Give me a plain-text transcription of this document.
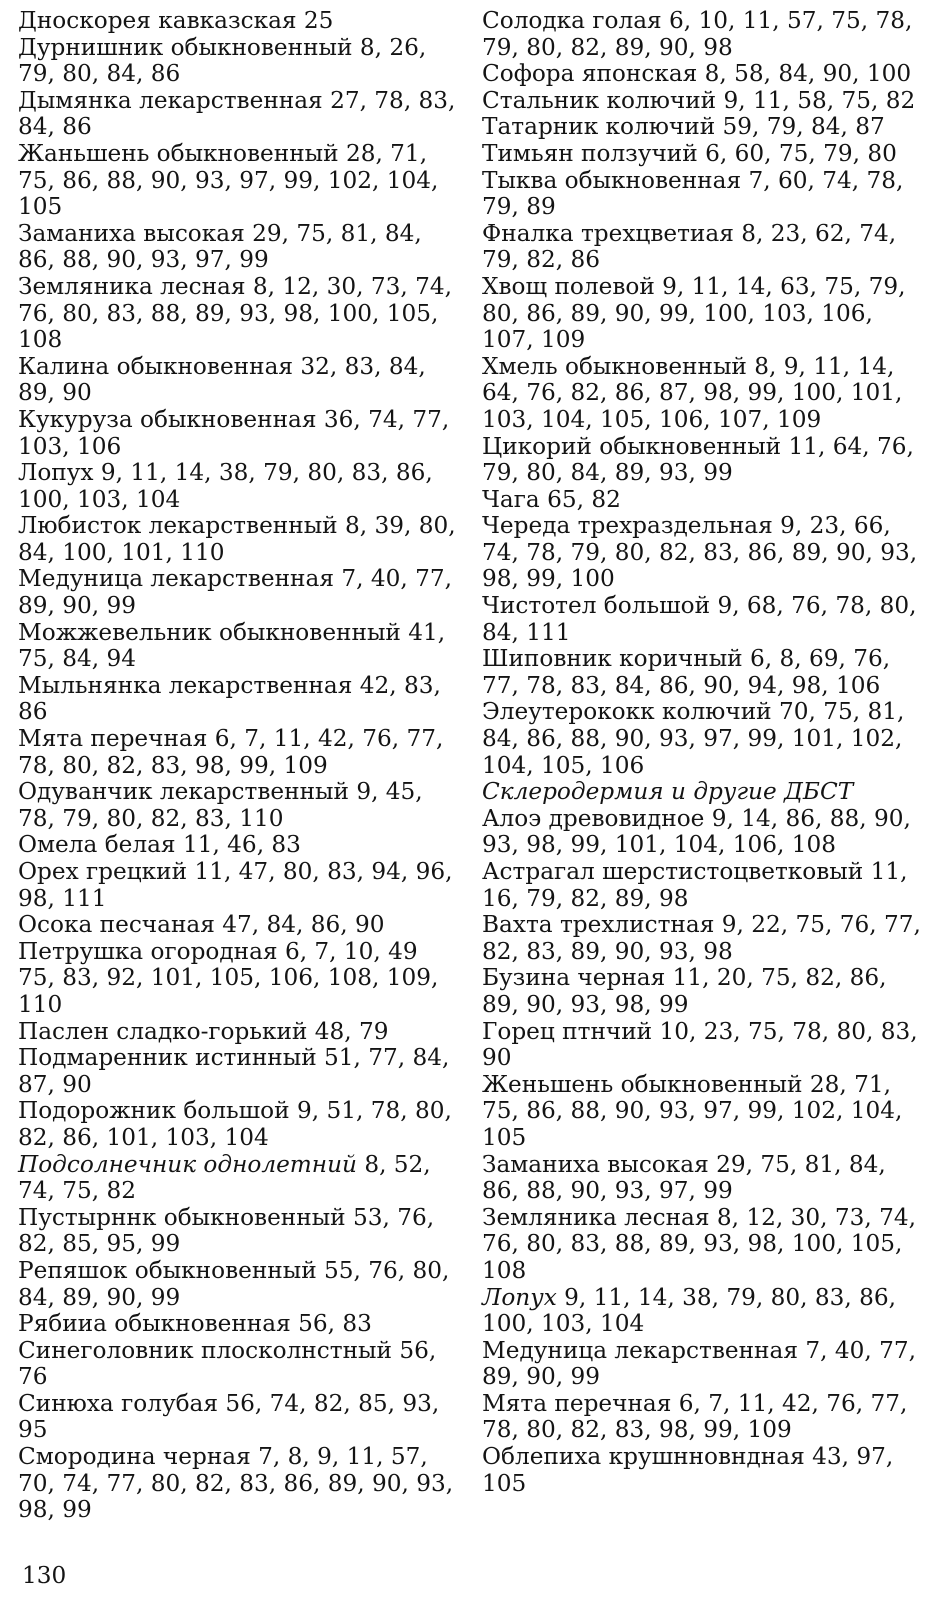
Дноскорея кавказская 25

Дурнишник обыкновенный 8, 26, 79, 80, 84, 86

Дымянка лекарственная 27, 78, 83, 84, 86

Жаньшень обыкновенный 28, 71, 75, 86, 88, 90, 93, 97, 99, 102, 104, 105

Заманиха высокая 29, 75, 81, 84, 86, 88, 90, 93, 97, 99

Земляника лесная 8, 12, 30, 73, 74, 76, 80, 83, 88, 89, 93, 98, 100, 105, 108

Калина обыкновенная 32, 83, 84, 89, 90

Кукуруза обыкновенная 36, 74, 77, 103, 106

Лопух 9, 11, 14, 38, 79, 80, 83, 86, 100, 103, 104

Любисток лекарственный 8, 39, 80, 84, 100, 101, 110

Медуница лекарственная 7, 40, 77, 89, 90, 99

Можжевельник обыкновенный 41, 75, 84, 94

Мыльнянка лекарственная 42, 83, 86

Мята перечная 6, 7, 11, 42, 76, 77, 78, 80, 82, 83, 98, 99, 109

Одуванчик лекарственный 9, 45, 78, 79, 80, 82, 83, 110

Омела белая 11, 46, 83

Орех грецкий 11, 47, 80, 83, 94, 96, 98, 111

Осока песчаная 47, 84, 86, 90

Петрушка огородная 6, 7, 10, 49 75, 83, 92, 101, 105, 106, 108, 109, 110

Паслен сладко-горький 48, 79

Подмаренник истинный 51, 77, 84, 87, 90

Подорожник большой 9, 51, 78, 80, 82, 86, 101, 103, 104

Подсолнечник однолетний 8, 52, 74, 75, 82

Пустырннк обыкновенный 53, 76, 82, 85, 95, 99

Репяшок обыкновенный 55, 76, 80, 84, 89, 90, 99

Рябииа обыкновенная 56, 83

Синеголовник плосколнстный 56, 76

Синюха голубая 56, 74, 82, 85, 93, 95

Смородина черная 7, 8, 9, 11, 57, 70, 74, 77, 80, 82, 83, 86, 89, 90, 93, 98, 99

Солодка голая 6, 10, 11, 57, 75, 78, 79, 80, 82, 89, 90, 98

Софора японская 8, 58, 84, 90, 100

Стальник колючий 9, 11, 58, 75, 82

Татарник колючий 59, 79, 84, 87

Тимьян ползучий 6, 60, 75, 79, 80

Тыква обыкновенная 7, 60, 74, 78, 79, 89

Фналка трехцветиая 8, 23, 62, 74, 79, 82, 86

Хвощ полевой 9, 11, 14, 63, 75, 79, 80, 86, 89, 90, 99, 100, 103, 106, 107, 109

Хмель обыкновенный 8, 9, 11, 14, 64, 76, 82, 86, 87, 98, 99, 100, 101, 103, 104, 105, 106, 107, 109

Цикорий обыкновенный 11, 64, 76, 79, 80, 84, 89, 93, 99

Чага 65, 82

Череда трехраздельная 9, 23, 66, 74, 78, 79, 80, 82, 83, 86, 89, 90, 93, 98, 99, 100

Чистотел большой 9, 68, 76, 78, 80, 84, 111

Шиповник коричный 6, 8, 69, 76, 77, 78, 83, 84, 86, 90, 94, 98, 106

Элеутерококк колючий 70, 75, 81, 84, 86, 88, 90, 93, 97, 99, 101, 102, 104, 105, 106

Склеродермия и другие ДБСТ

Алоэ древовидное 9, 14, 86, 88, 90, 93, 98, 99, 101, 104, 106, 108

Астрагал шерстистоцветковый 11, 16, 79, 82, 89, 98

Вахта трехлистная 9, 22, 75, 76, 77, 82, 83, 89, 90, 93, 98

Бузина черная 11, 20, 75, 82, 86, 89, 90, 93, 98, 99

Горец птнчий 10, 23, 75, 78, 80, 83, 90

Женьшень обыкновенный 28, 71, 75, 86, 88, 90, 93, 97, 99, 102, 104, 105

Заманиха высокая 29, 75, 81, 84, 86, 88, 90, 93, 97, 99

Земляника лесная 8, 12, 30, 73, 74, 76, 80, 83, 88, 89, 93, 98, 100, 105, 108

Лопух 9, 11, 14, 38, 79, 80, 83, 86, 100, 103, 104

Медуница лекарственная 7, 40, 77, 89, 90, 99

Мята перечная 6, 7, 11, 42, 76, 77, 78, 80, 82, 83, 98, 99, 109

Облепиха крушнновндная 43, 97, 105

130
